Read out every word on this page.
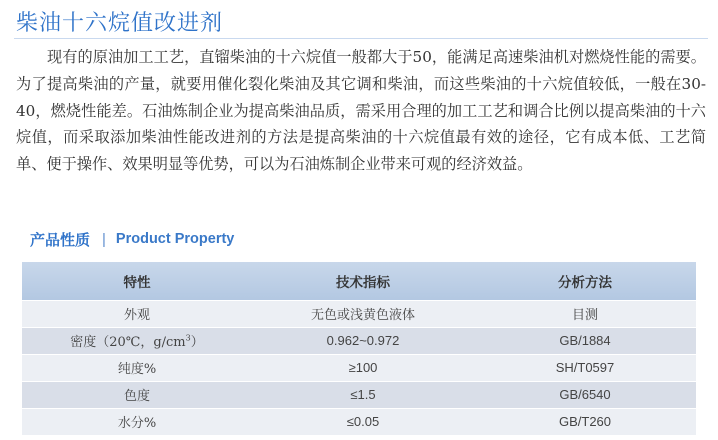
柴油十六烷值改进剂

现有的原油加工工艺，直镏柴油的十六烷值一般都大于50，能满足高速柴油机对燃烧性能的需要。为了提高柴油的产量，就要用催化裂化柴油及其它调和柴油，而这些柴油的十六烷值较低，一般在30-40，燃烧性能差。石油炼制企业为提高柴油品质，需采用合理的加工工艺和调合比例以提高柴油的十六烷值，而采取添加柴油性能改进剂的方法是提高柴油的十六烷值最有效的途径，它有成本低、工艺简单、便于操作、效果明显等优势，可以为石油炼制企业带来可观的经济效益。

产品性质 | Product Property
特性	技术指标	分析方法
外观	无色或浅黄色液体	目测
密度（20℃，$g/cm^3$）	0.962~0.972	GB/1884
纯度%	≥100	SH/T0597
色度	≤1.5	GB/6540
水分%	≤0.05	GB/T260
